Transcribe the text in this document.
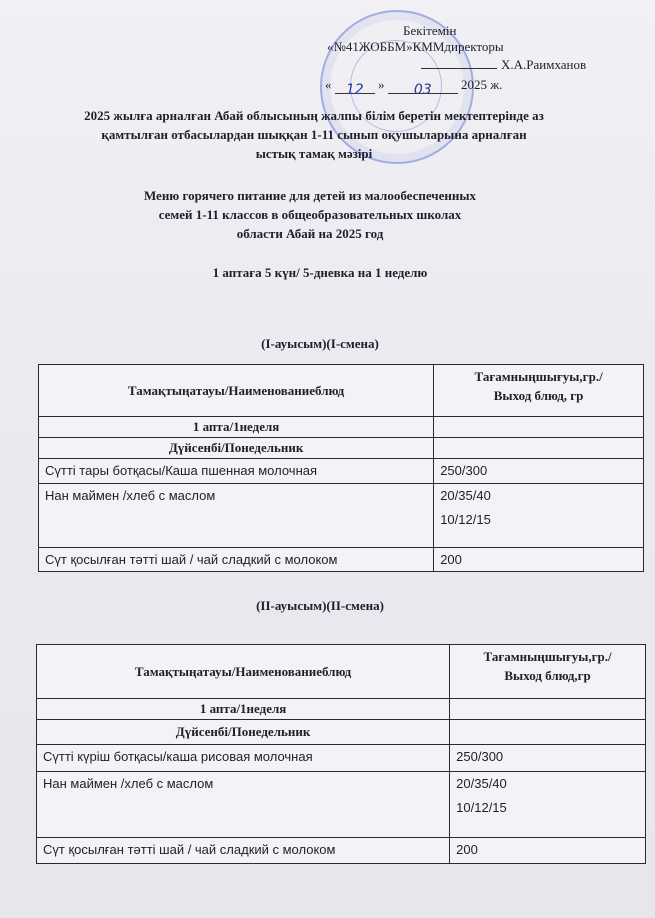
Бекітемін
«№41ЖОББМ»КММдиректоры
Х.А.Раимханов
« 12 » 03 2025 ж.
2025 жылға арналған Абай облысының жалпы білім беретін мектептерінде аз
қамтылған отбасылардан шыққан 1-11 сынып оқушыларына арналған
ыстық тамақ мәзірі
Меню горячего питание для детей из малообеспеченных
семей 1-11 классов в общеобразовательных школах
области Абай на 2025 год
1 аптаға 5 күн/ 5-дневка на 1 неделю
(І-ауысым)(І-смена)
Тамақтыңатауы/Наименованиеблюд	Тағамныңшығуы,гр./
Выход блюд, гр

1 апта/1неделя	
Дүйсенбі/Понедельник	
Сүтті тары ботқасы/Каша пшенная молочная	250/300
Нан маймен /хлеб с маслом	20/35/40
10/12/15

Сүт қосылған тәтті шай / чай сладкий с молоком	200
(ІІ-ауысым)(ІІ-смена)
Тамақтыңатауы/Наименованиеблюд	Тағамныңшығуы,гр./
Выход блюд,гр

1 апта/1неделя	
Дүйсенбі/Понедельник	
Сүтті күріш ботқасы/каша рисовая молочная	250/300
Нан маймен /хлеб с маслом	20/35/40
10/12/15

Сүт қосылған тәтті шай / чай сладкий с молоком	200
